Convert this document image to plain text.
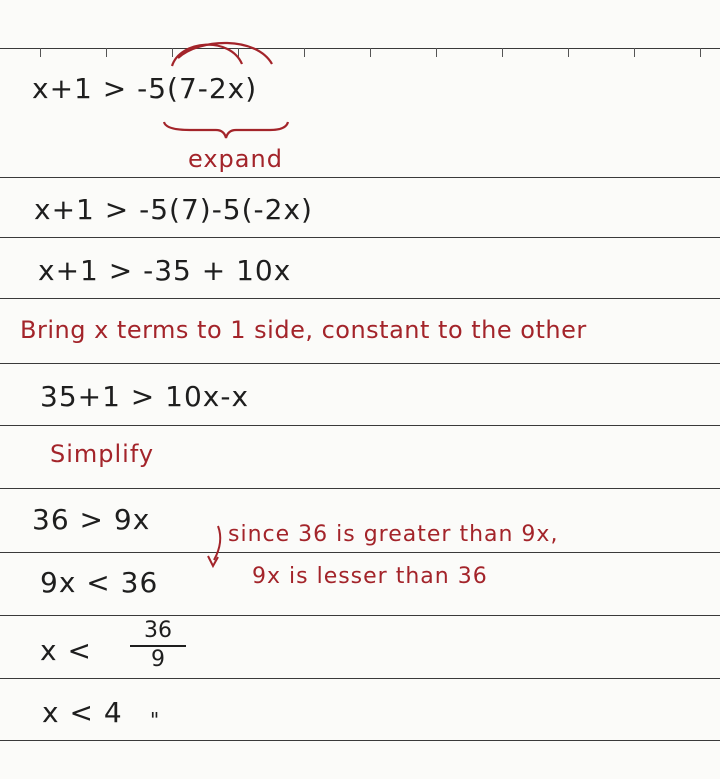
x+1 > -5(7-2x)
expand
x+1 > -5(7)-5(-2x)
x+1 > -35 + 10x
Bring x terms to 1 side, constant to the other
35+1 > 10x-x
Simplify
36 > 9x	since 36 is greater than 9x,
9x is lesser than 36
9x < 36
x <
36
9
x < 4 "
